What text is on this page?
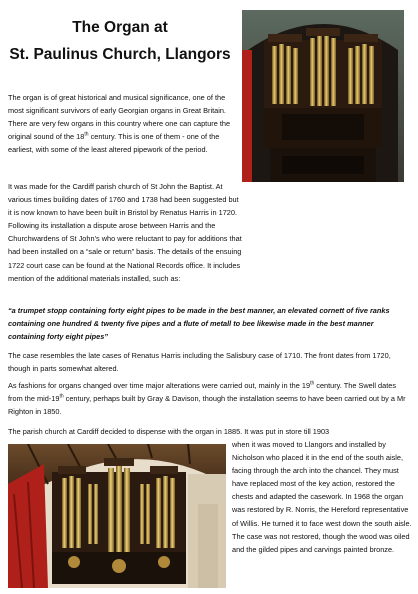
The Organ at
St. Paulinus Church, Llangors

The organ is of great historical and musical significance, one of the most significant survivors of early Georgian organs in Great Britain. There are very few organs in this country where one can capture the original sound of the 18th century. This is one of them - one of the earliest, with some of the least altered pipework of the period.

It was made for the Cardiff parish church of St John the Baptist. At various times building dates of 1760 and 1738 had been suggested but it is now known to have been built in Bristol by Renatus Harris in 1720. Following its installation a dispute arose between Harris and the Churchwardens of St John’s who were reluctant to pay for additions that had been installed on a “sale or return” basis. The details of the ensuing 1722 court case can be found at the National Records office. It includes mention of the additional materials installed, such as:

“a trumpet stopp containing forty eight pipes to be made in the best manner, an elevated cornett of five ranks containing one hundred & twenty five pipes and a flute of metall to bee likewise made in the best manner containing forty eight pipes”

The case resembles the late cases of Renatus Harris including the Salisbury case of 1710. The front dates from 1720, though in parts somewhat altered.

As fashions for organs changed over time major alterations were carried out, mainly in the 19th century. The Swell dates from the mid-19th century, perhaps built by Gray & Davison, though the installation seems to have been carried out by a Mr Righton in 1850.

The parish church at Cardiff decided to dispense with the organ in 1885. It was put in store till 1903

when it was moved to Llangors and installed by Nicholson who placed it in the end of the south aisle, facing through the arch into the chancel. They must have replaced most of the key action, restored the chests and adapted the casework. In 1968 the organ was restored by R. Norris, the Hereford representative of Willis. He turned it to face west down the south aisle. The case was not restored, though the wood was oiled and the gilded pipes and carvings painted bronze.
